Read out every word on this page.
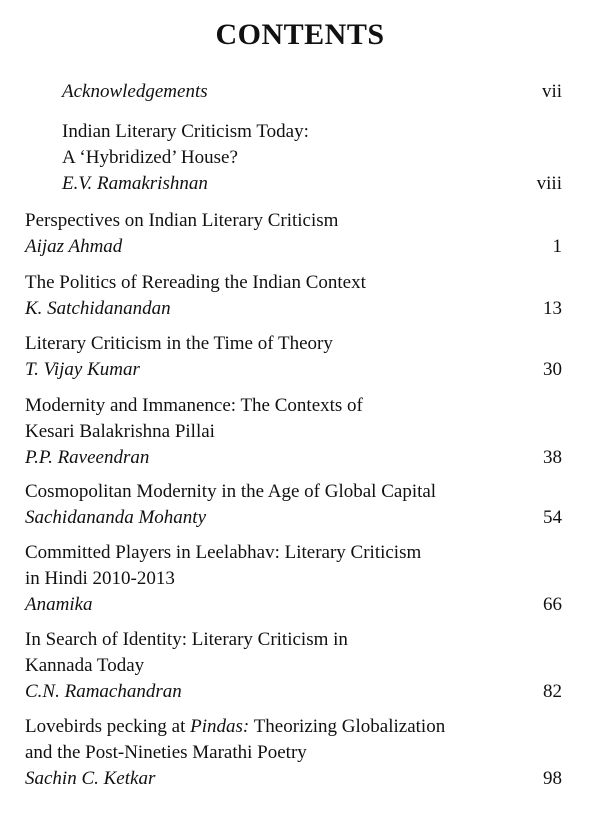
CONTENTS
Acknowledgements	vii
Indian Literary Criticism Today:
A ‘Hybridized’ House?
E.V. Ramakrishnan	viii
Perspectives on Indian Literary Criticism
Aijaz Ahmad	1
The Politics of Rereading the Indian Context
K. Satchidanandan	13
Literary Criticism in the Time of Theory
T. Vijay Kumar	30
Modernity and Immanence: The Contexts of
Kesari Balakrishna Pillai
P.P. Raveendran	38
Cosmopolitan Modernity in the Age of Global Capital
Sachidananda Mohanty	54
Committed Players in Leelabhav: Literary Criticism
in Hindi 2010-2013
Anamika	66
In Search of Identity: Literary Criticism in
Kannada Today
C.N. Ramachandran	82
Lovebirds pecking at Pindas: Theorizing Globalization
and the Post-Nineties Marathi Poetry
Sachin C. Ketkar	98
